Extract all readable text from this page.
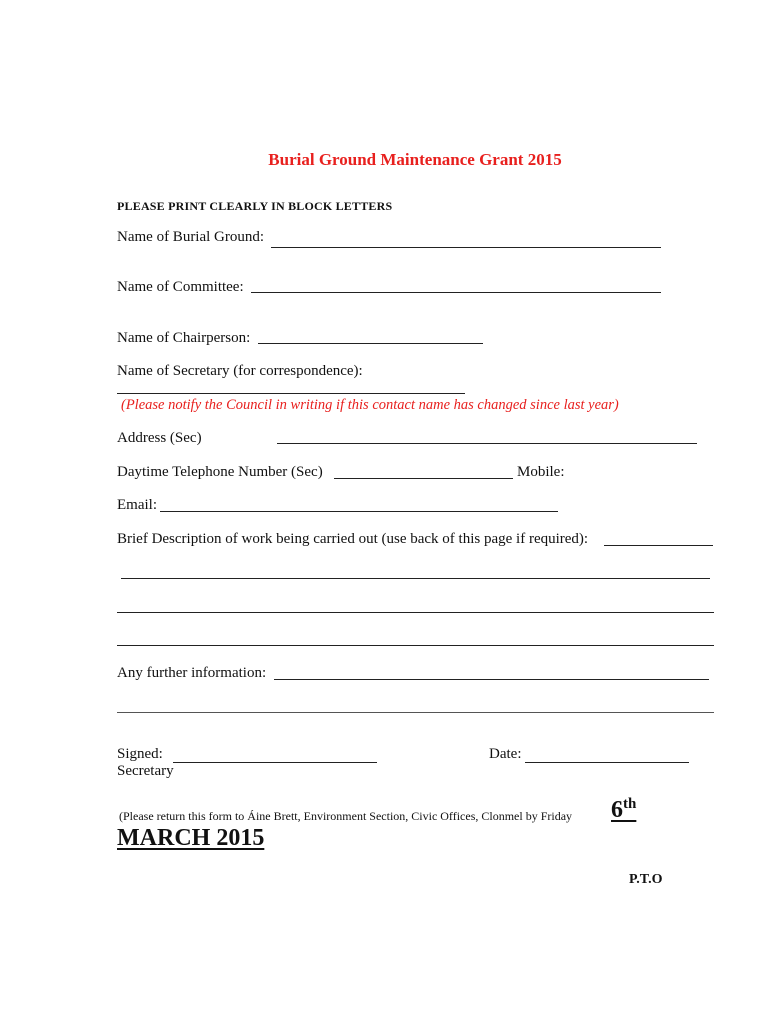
Burial Ground Maintenance Grant 2015
PLEASE PRINT CLEARLY IN BLOCK LETTERS
Name of Burial Ground:
Name of Committee:
Name of Chairperson:
Name of Secretary (for correspondence):
(Please notify the Council in writing if this contact name has changed since last year)
Address (Sec)
Daytime Telephone Number (Sec)	Mobile:
Email:
Brief Description of work being carried out (use back of this page if required):
Any further information:
Signed:
Secretary
Date:
(Please return this form to Áine Brett, Environment Section, Civic Offices, Clonmel by Friday 6th
MARCH 2015
P.T.O
